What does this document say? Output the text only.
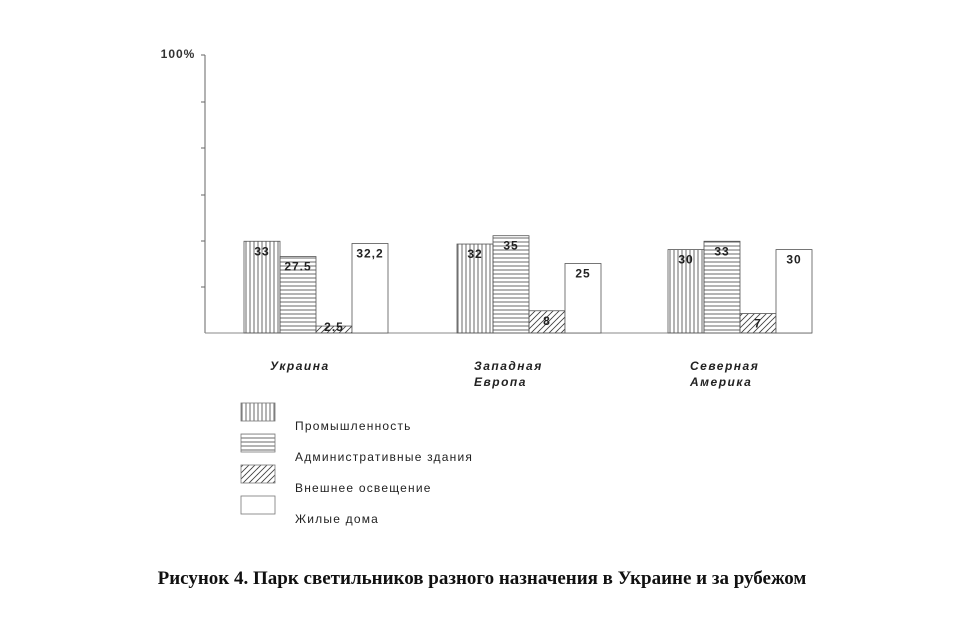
100%
33	32	30
27.5
35	33
2.5	8	7
32,2
25
30
Украина	Западная
Европа
Северная
Америка
Промышленность
Административные здания
Внешнее освещение
Жилые дома
Рисунок 4. Парк светильников разного назначения в Украине и за рубежом
